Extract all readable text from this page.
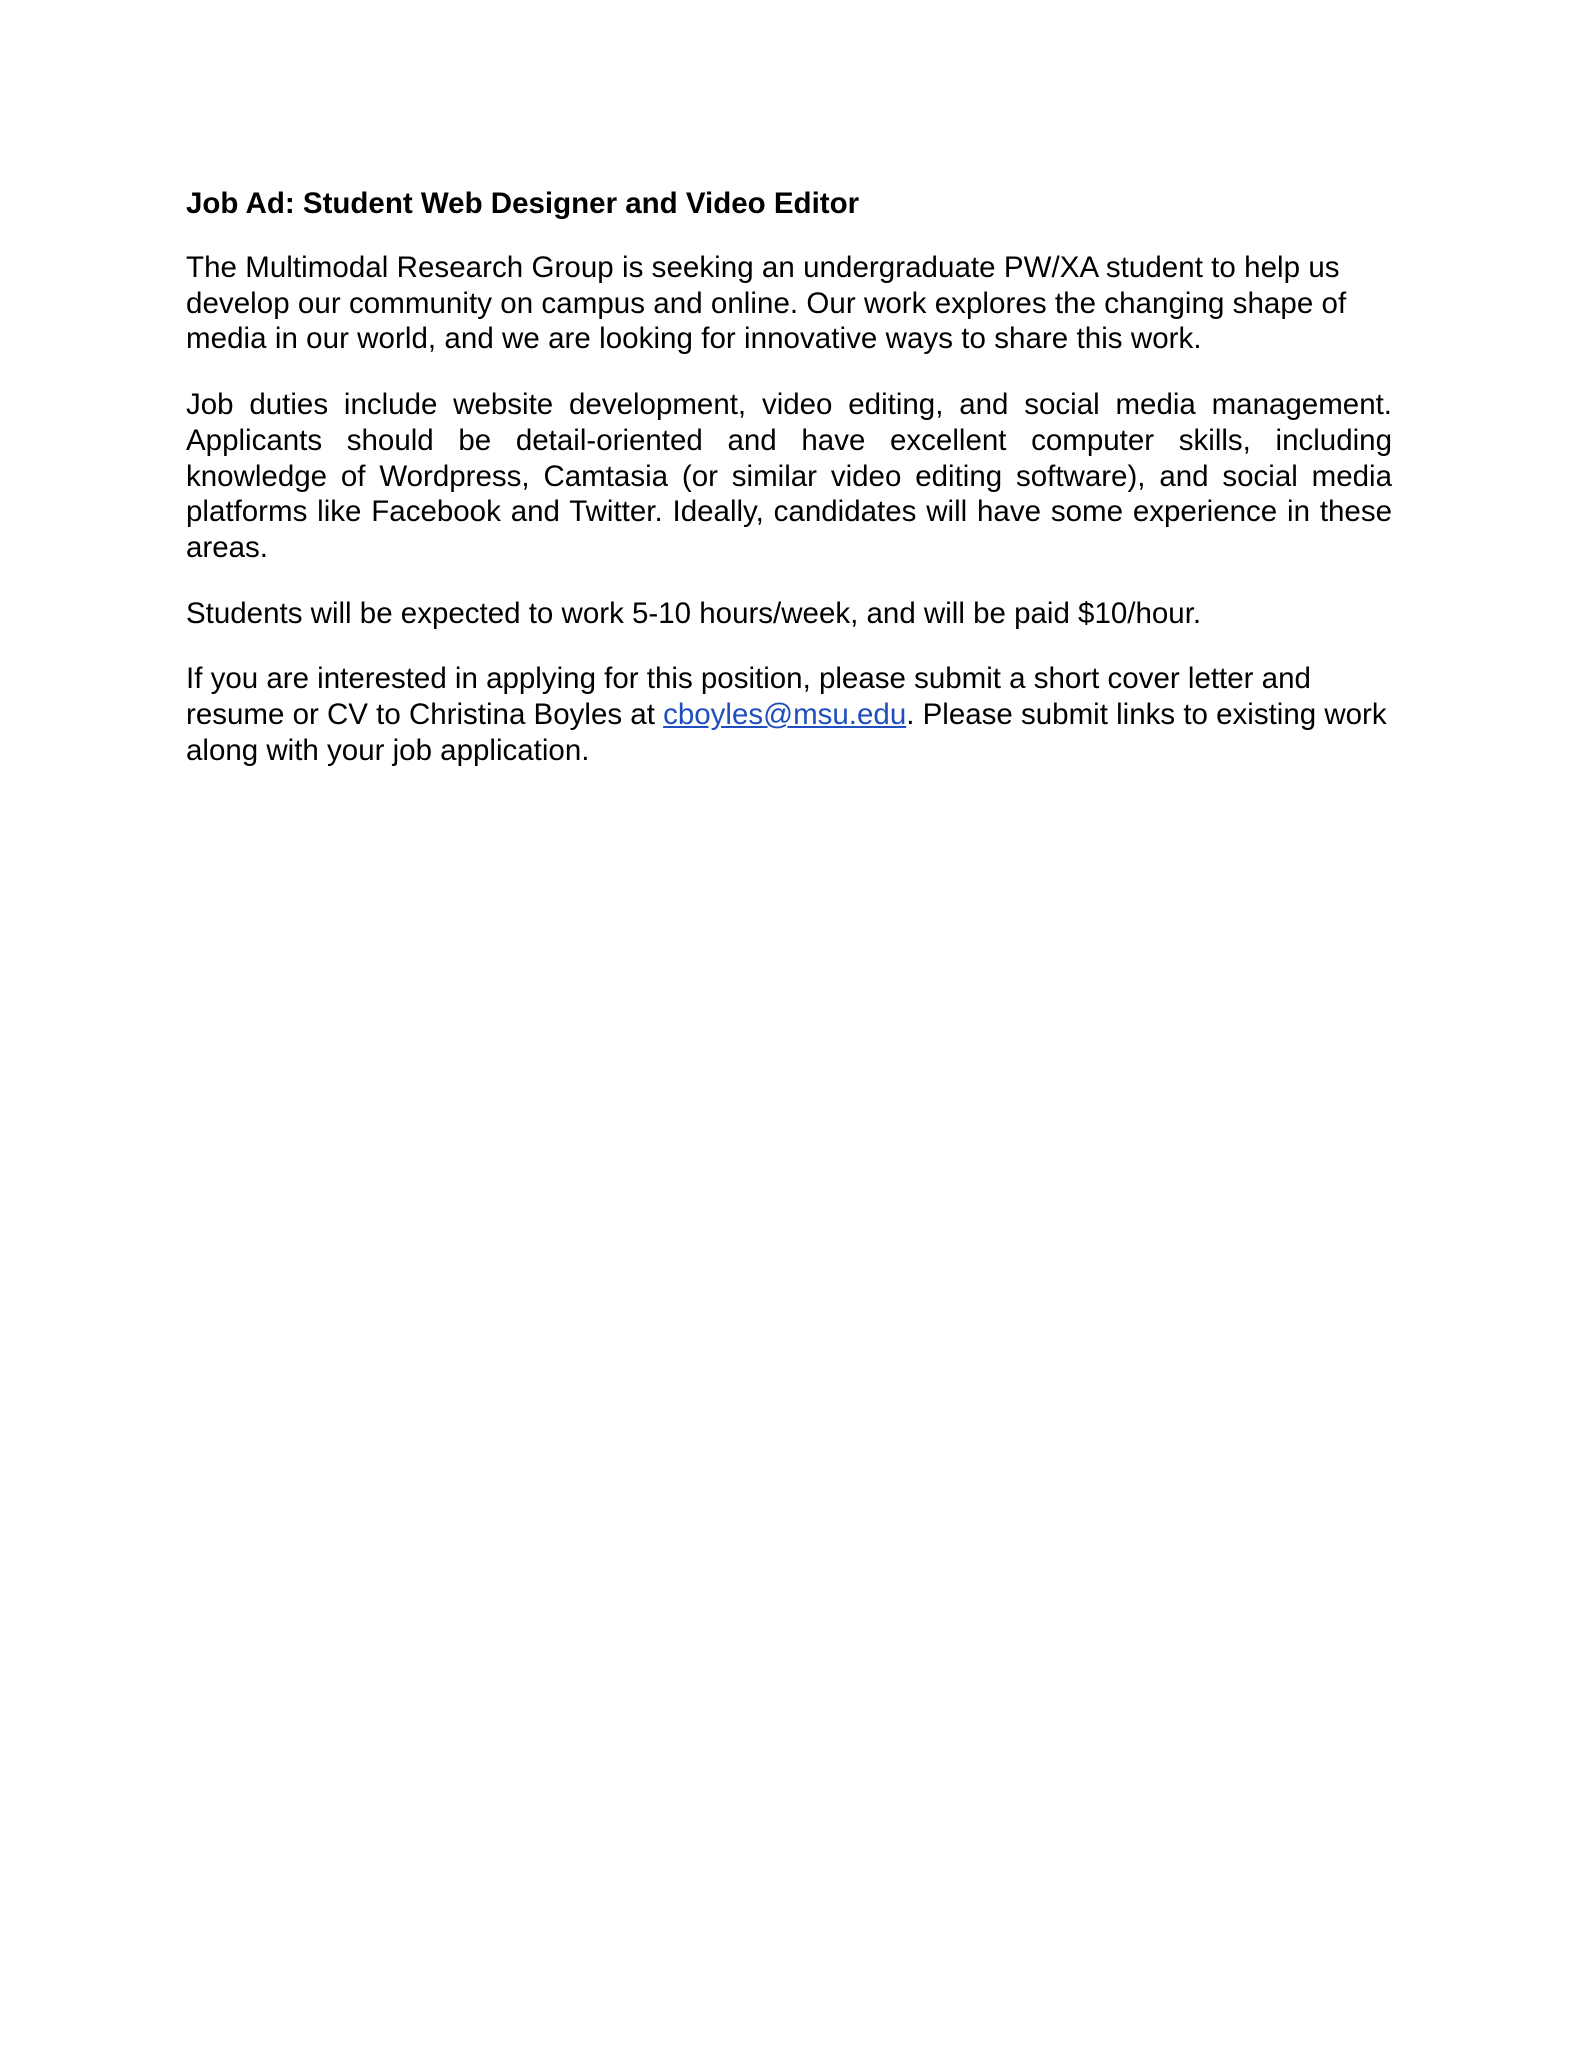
Job Ad: Student Web Designer and Video Editor

The Multimodal Research Group is seeking an undergraduate PW/XA student to help us develop our community on campus and online. Our work explores the changing shape of media in our world, and we are looking for innovative ways to share this work.

Job duties include website development, video editing, and social media management. Applicants should be detail-oriented and have excellent computer skills, including knowledge of Wordpress, Camtasia (or similar video editing software), and social media platforms like Facebook and Twitter. Ideally, candidates will have some experience in these areas.

Students will be expected to work 5-10 hours/week, and will be paid $10/hour.

If you are interested in applying for this position, please submit a short cover letter and resume or CV to Christina Boyles at cboyles@msu.edu. Please submit links to existing work along with your job application.
